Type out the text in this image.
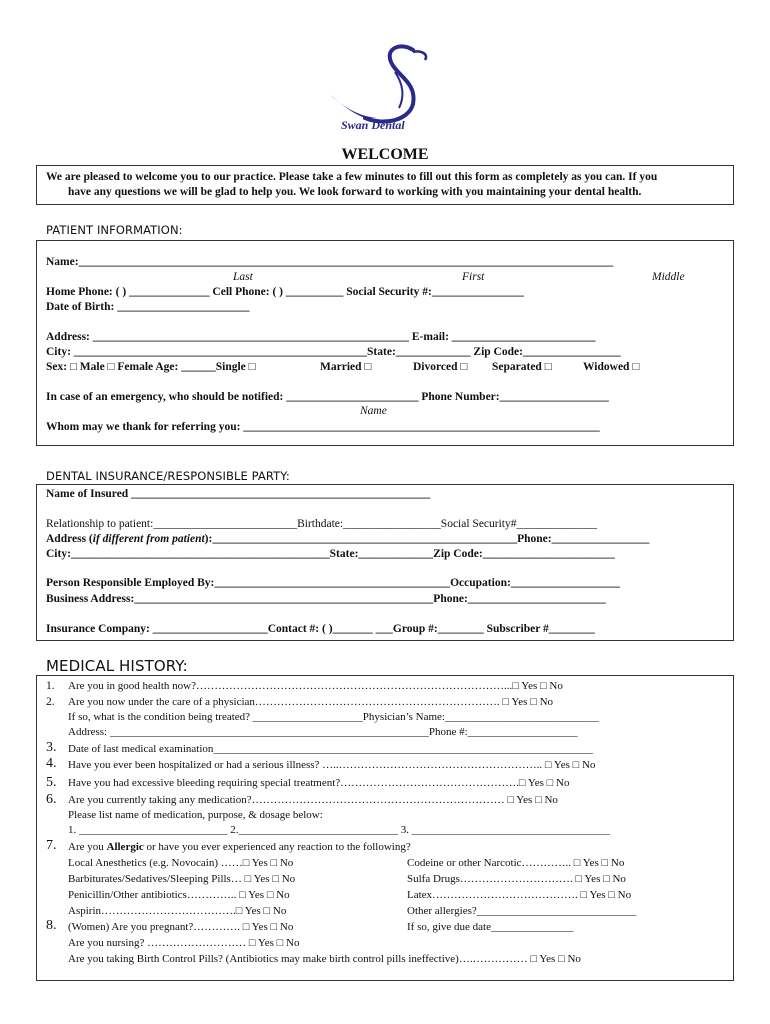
Swan Dental
WELCOME
We are pleased to welcome you to our practice. Please take a few minutes to fill out this form as completely as you can. If you
have any questions we will be glad to help you. We look forward to working with you maintaining your dental health.
PATIENT INFORMATION:
Name:_____________________________________________________________________________________________
Last	First	Middle
Home Phone: ( ) ______________ Cell Phone: ( ) __________ Social Security #:________________
Date of Birth: _______________________
Address: _______________________________________________________ E-mail: _________________________
City: ___________________________________________________State:_____________ Zip Code:_________________
Sex: □ Male □ Female Age: ______Single □	Married □	Divorced □ Separated □	Widowed □
In case of an emergency, who should be notified: _______________________ Phone Number:___________________
Name
Whom may we thank for referring you: ______________________________________________________________
DENTAL INSURANCE/RESPONSIBLE PARTY:
Name of Insured ____________________________________________________
Relationship to patient:_________________________Birthdate:_________________Social Security#______________
Address (if different from patient):_____________________________________________________Phone:_________________
City:_____________________________________________State:_____________Zip Code:_______________________
Person Responsible Employed By:_________________________________________Occupation:___________________
Business Address:____________________________________________________Phone:________________________
Insurance Company: ____________________Contact #: ( )_______ ___Group #:________ Subscriber #________
MEDICAL HISTORY:
1. Are you in good health now?…………………………………………………………………………...□ Yes □ No
2. Are you now under the care of a physician…………………………………………………………. □ Yes □ No
If so, what is the condition being treated? ____________________Physician’s Name:____________________________
Address: __________________________________________________________Phone #:____________________
3. Date of last medical examination_____________________________________________________________________
4. Have you ever been hospitalized or had a serious illness? …..……………………………………………….. □ Yes □ No
5. Have you had excessive bleeding requiring special treatment?………………………………………….□ Yes □ No
6. Are you currently taking any medication?…………………………………………………………… □ Yes □ No
Please list name of medication, purpose, & dosage below:
1. ___________________________ 2._____________________________ 3. ____________________________________
7. Are you Allergic or have you ever experienced any reaction to the following?
Local Anesthetics (e.g. Novocain) ……□ Yes □ No	Codeine or other Narcotic………….. □ Yes □ No
Barbiturates/Sedatives/Sleeping Pills… □ Yes □ No	Sulfa Drugs…………………………. □ Yes □ No
Penicillin/Other antibiotics………….. □ Yes □ No	Latex…………………………………. □ Yes □ No
Aspirin……………………………….□ Yes □ No	Other allergies?_____________________________
8. (Women) Are you pregnant?…………. □ Yes □ No	If so, give due date_______________
Are you nursing? ……………………… □ Yes □ No
Are you taking Birth Control Pills? (Antibiotics may make birth control pills ineffective)….…………… □ Yes □ No
